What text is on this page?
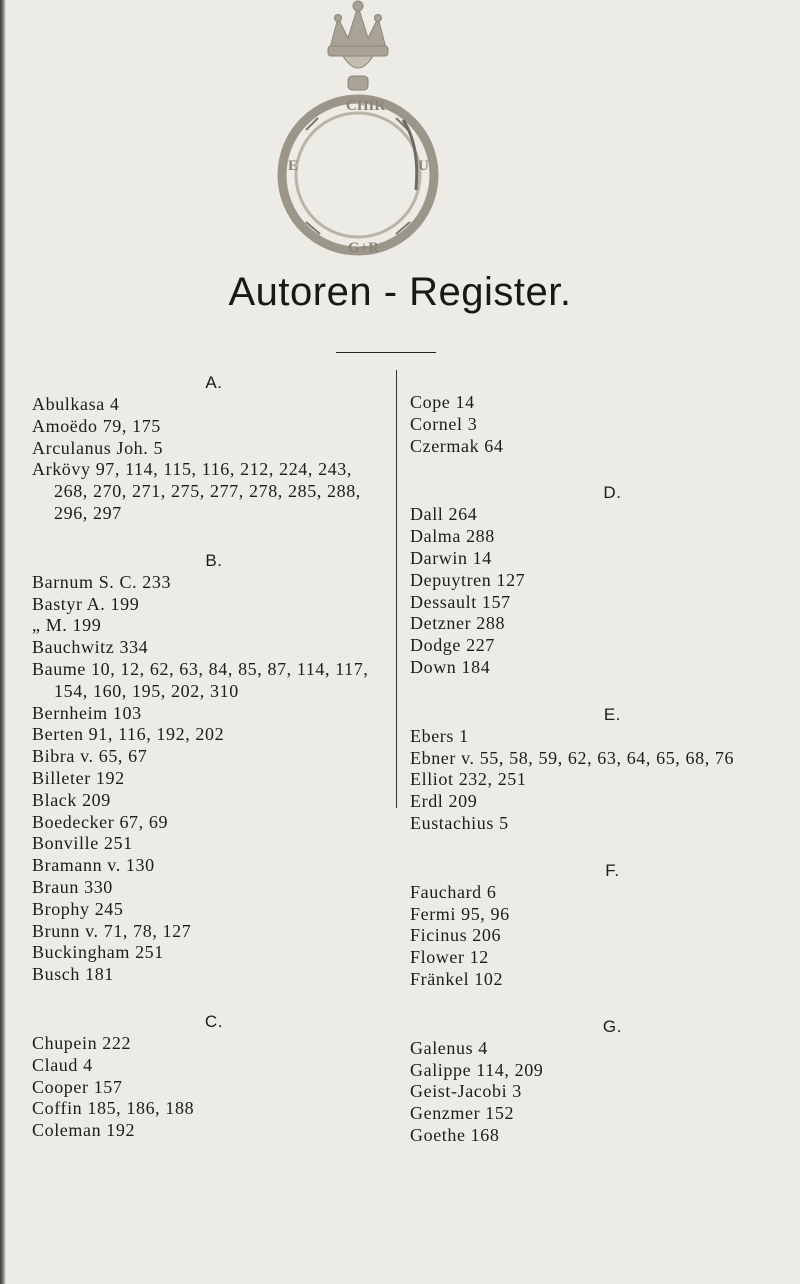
CHIR
U
E
G+R
Autoren - Register.
A.
Abulkasa 4
Amoëdo 79, 175
Arculanus Joh. 5
Arkövy 97, 114, 115, 116, 212, 224, 243, 268, 270, 271, 275, 277, 278, 285, 288, 296, 297
B.
Barnum S. C. 233
Bastyr A. 199
„ M. 199
Bauchwitz 334
Baume 10, 12, 62, 63, 84, 85, 87, 114, 117, 154, 160, 195, 202, 310
Bernheim 103
Berten 91, 116, 192, 202
Bibra v. 65, 67
Billeter 192
Black 209
Boedecker 67, 69
Bonville 251
Bramann v. 130
Braun 330
Brophy 245
Brunn v. 71, 78, 127
Buckingham 251
Busch 181
C.
Chupein 222
Claud 4
Cooper 157
Coffin 185, 186, 188
Coleman 192
Cope 14
Cornel 3
Czermak 64
D.
Dall 264
Dalma 288
Darwin 14
Depuytren 127
Dessault 157
Detzner 288
Dodge 227
Down 184
E.
Ebers 1
Ebner v. 55, 58, 59, 62, 63, 64, 65, 68, 76
Elliot 232, 251
Erdl 209
Eustachius 5
F.
Fauchard 6
Fermi 95, 96
Ficinus 206
Flower 12
Fränkel 102
G.
Galenus 4
Galippe 114, 209
Geist-Jacobi 3
Genzmer 152
Goethe 168
